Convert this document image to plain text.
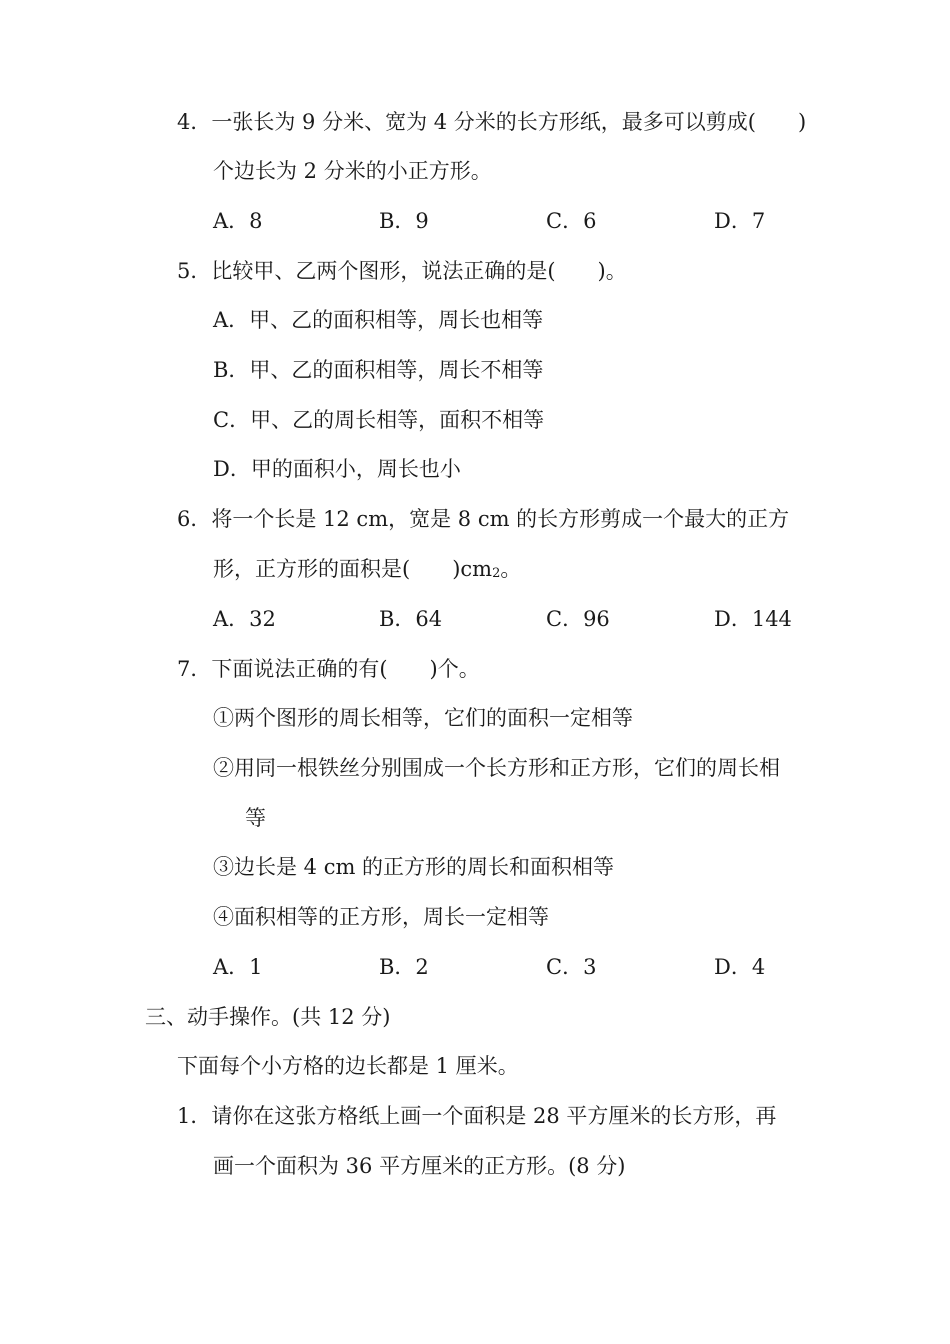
4．一张长为 9 分米、宽为 4 分米的长方形纸，最多可以剪成(　　)
个边长为 2 分米的小正方形。
A．8	B．9	C．6	D．7
5．比较甲、乙两个图形，说法正确的是(　　)。
A．甲、乙的面积相等，周长也相等
B．甲、乙的面积相等，周长不相等
C．甲、乙的周长相等，面积不相等
D．甲的面积小，周长也小
6．将一个长是 12 cm，宽是 8 cm 的长方形剪成一个最大的正方
形，正方形的面积是(　　)$cm^2$。
A．32	B．64	C．96	D．144
7．下面说法正确的有(　　)个。
①两个图形的周长相等，它们的面积一定相等
②用同一根铁丝分别围成一个长方形和正方形，它们的周长相
等
③边长是 4 cm 的正方形的周长和面积相等
④面积相等的正方形，周长一定相等
A．1	B．2	C．3	D．4
三、动手操作。(共 12 分)
下面每个小方格的边长都是 1 厘米。
1．请你在这张方格纸上画一个面积是 28 平方厘米的长方形，再
画一个面积为 36 平方厘米的正方形。(8 分)
